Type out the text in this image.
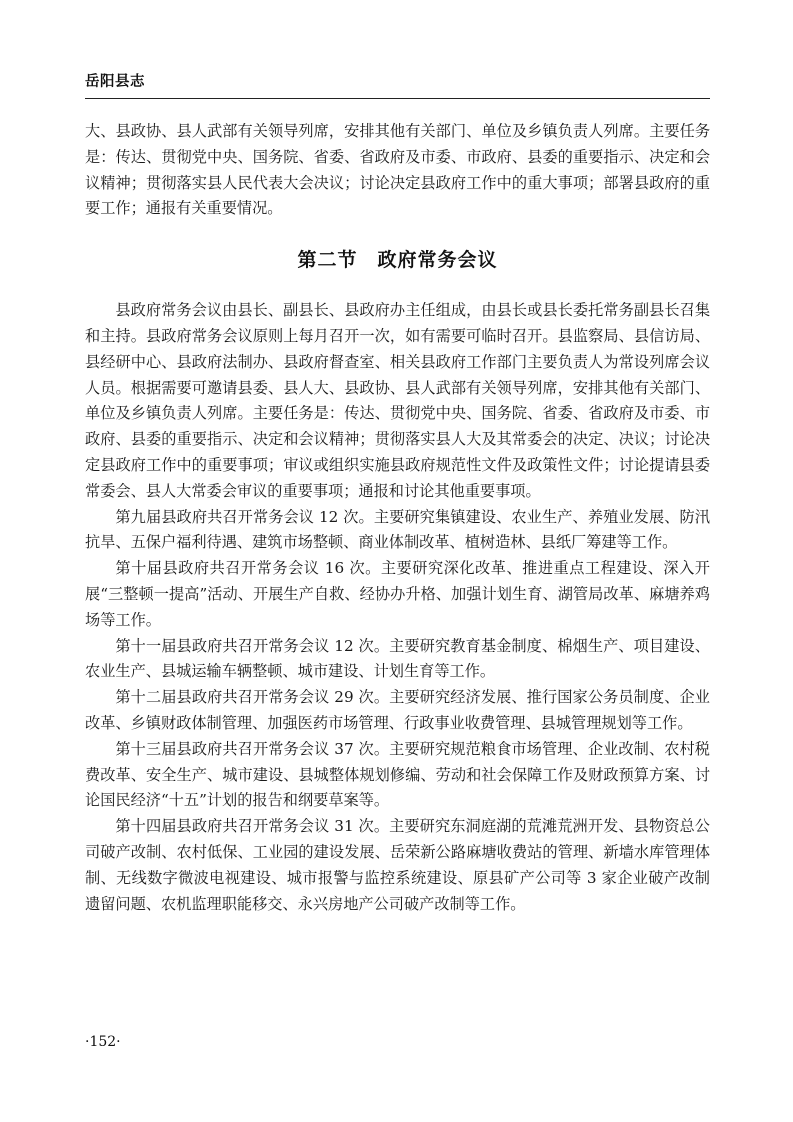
岳阳县志

大、县政协、县人武部有关领导列席，安排其他有关部门、单位及乡镇负责人列席。主要任务是：传达、贯彻党中央、国务院、省委、省政府及市委、市政府、县委的重要指示、决定和会议精神；贯彻落实县人民代表大会决议；讨论决定县政府工作中的重大事项；部署县政府的重要工作；通报有关重要情况。

第二节　政府常务会议

县政府常务会议由县长、副县长、县政府办主任组成，由县长或县长委托常务副县长召集和主持。县政府常务会议原则上每月召开一次，如有需要可临时召开。县监察局、县信访局、县经研中心、县政府法制办、县政府督查室、相关县政府工作部门主要负责人为常设列席会议人员。根据需要可邀请县委、县人大、县政协、县人武部有关领导列席，安排其他有关部门、单位及乡镇负责人列席。主要任务是：传达、贯彻党中央、国务院、省委、省政府及市委、市政府、县委的重要指示、决定和会议精神；贯彻落实县人大及其常委会的决定、决议；讨论决定县政府工作中的重要事项；审议或组织实施县政府规范性文件及政策性文件；讨论提请县委常委会、县人大常委会审议的重要事项；通报和讨论其他重要事项。

第九届县政府共召开常务会议 12 次。主要研究集镇建设、农业生产、养殖业发展、防汛抗旱、五保户福利待遇、建筑市场整顿、商业体制改革、植树造林、县纸厂筹建等工作。

第十届县政府共召开常务会议 16 次。主要研究深化改革、推进重点工程建设、深入开展“三整顿一提高”活动、开展生产自救、经协办升格、加强计划生育、湖管局改革、麻塘养鸡场等工作。

第十一届县政府共召开常务会议 12 次。主要研究教育基金制度、棉烟生产、项目建设、农业生产、县城运输车辆整顿、城市建设、计划生育等工作。

第十二届县政府共召开常务会议 29 次。主要研究经济发展、推行国家公务员制度、企业改革、乡镇财政体制管理、加强医药市场管理、行政事业收费管理、县城管理规划等工作。

第十三届县政府共召开常务会议 37 次。主要研究规范粮食市场管理、企业改制、农村税费改革、安全生产、城市建设、县城整体规划修编、劳动和社会保障工作及财政预算方案、讨论国民经济“十五”计划的报告和纲要草案等。

第十四届县政府共召开常务会议 31 次。主要研究东洞庭湖的荒滩荒洲开发、县物资总公司破产改制、农村低保、工业园的建设发展、岳荣新公路麻塘收费站的管理、新墙水库管理体制、无线数字微波电视建设、城市报警与监控系统建设、原县矿产公司等 3 家企业破产改制遗留问题、农机监理职能移交、永兴房地产公司破产改制等工作。

·152·
